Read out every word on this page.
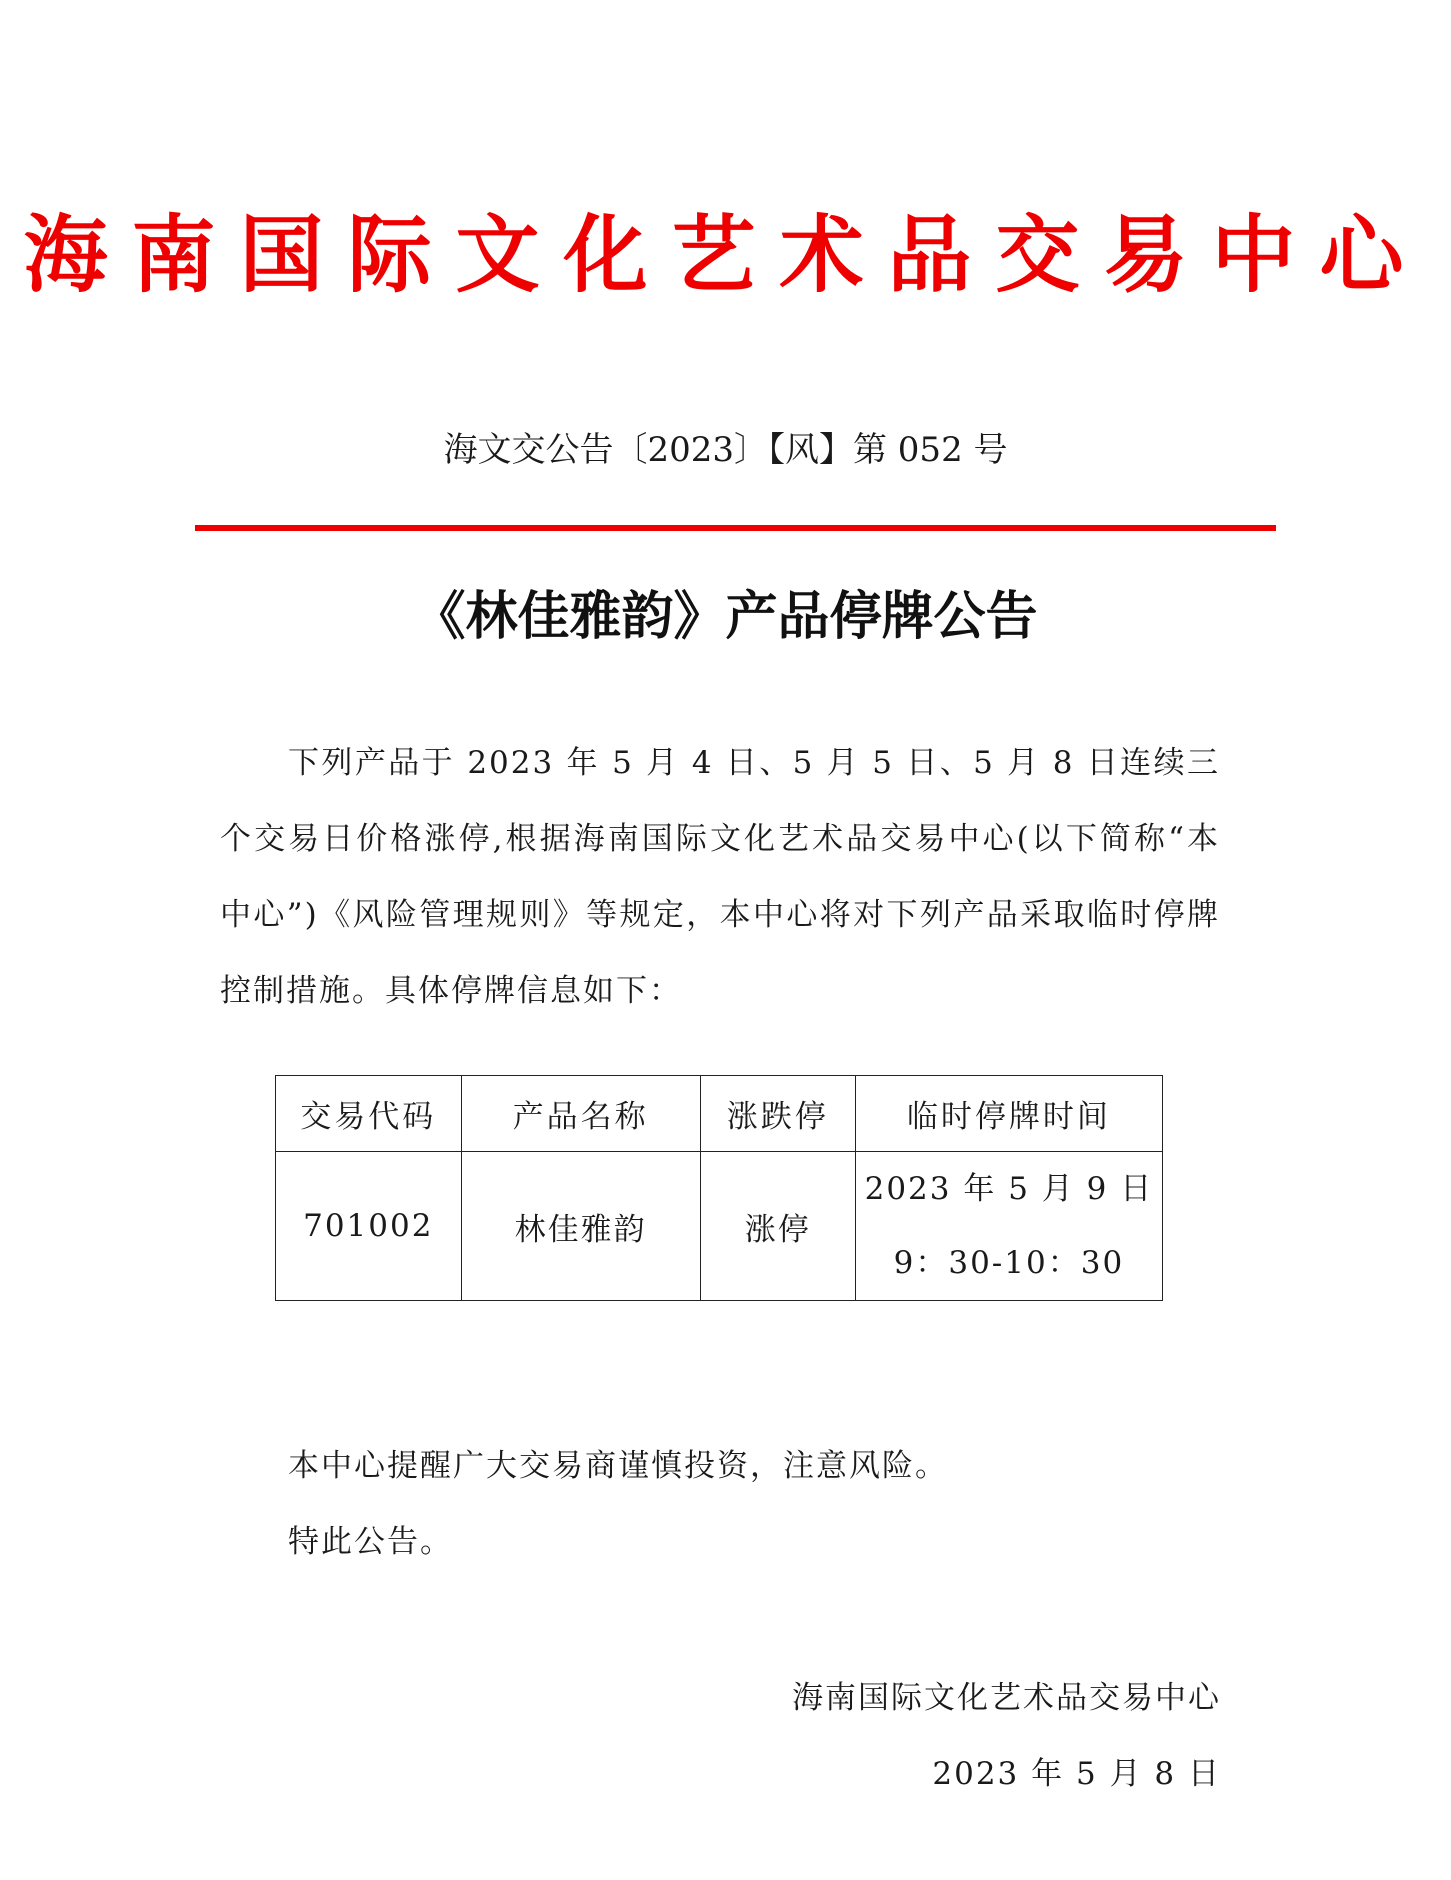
海南国际文化艺术品交易中心
海文交公告〔2023〕【风】第 052 号
《林佳雅韵》产品停牌公告
下列产品于 2023 年 5 月 4 日、5 月 5 日、5 月 8 日连续三个交易日价格涨停,根据海南国际文化艺术品交易中心(以下简称“本中心”)《风险管理规则》等规定，本中心将对下列产品采取临时停牌控制措施。具体停牌信息如下：
交易代码	产品名称	涨跌停	临时停牌时间
701002	林佳雅韵	涨停	2023 年 5 月 9 日
9：30-10：30
本中心提醒广大交易商谨慎投资，注意风险。
特此公告。
海南国际文化艺术品交易中心
2023 年 5 月 8 日
